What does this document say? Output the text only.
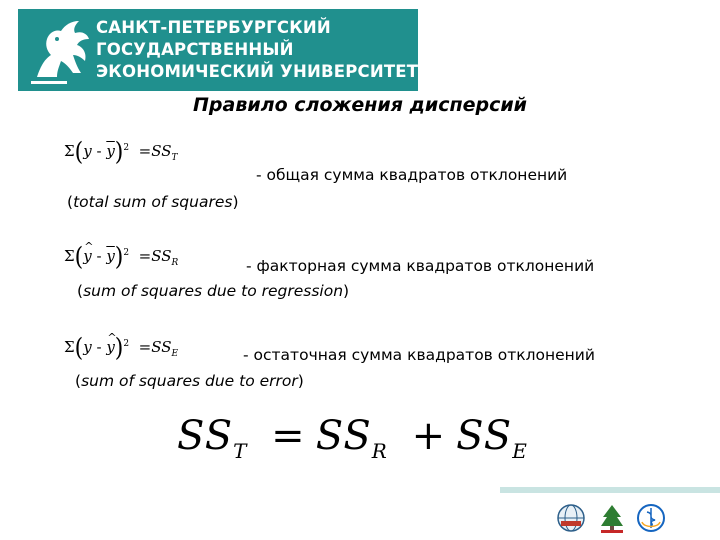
САНКТ-ПЕТЕРБУРГСКИЙ
ГОСУДАРСТВЕННЫЙ
ЭКОНОМИЧЕСКИЙ УНИВЕРСИТЕТ
Правило сложения дисперсий
$\Sigma(y - \overline{y})^2 =SS_T$

- общая сумма квадратов отклонений

(total sum of squares)

Σ(^ $y - \overline{y})^2 =SS_R$	- факторная сумма квадратов отклонений

(sum of squares due to regression)

Σ(y - ^ $y)^2 =SS_E$	- остаточная сумма квадратов отклонений

(sum of squares due to error)

$SS_T = SS_R + SS_E$
